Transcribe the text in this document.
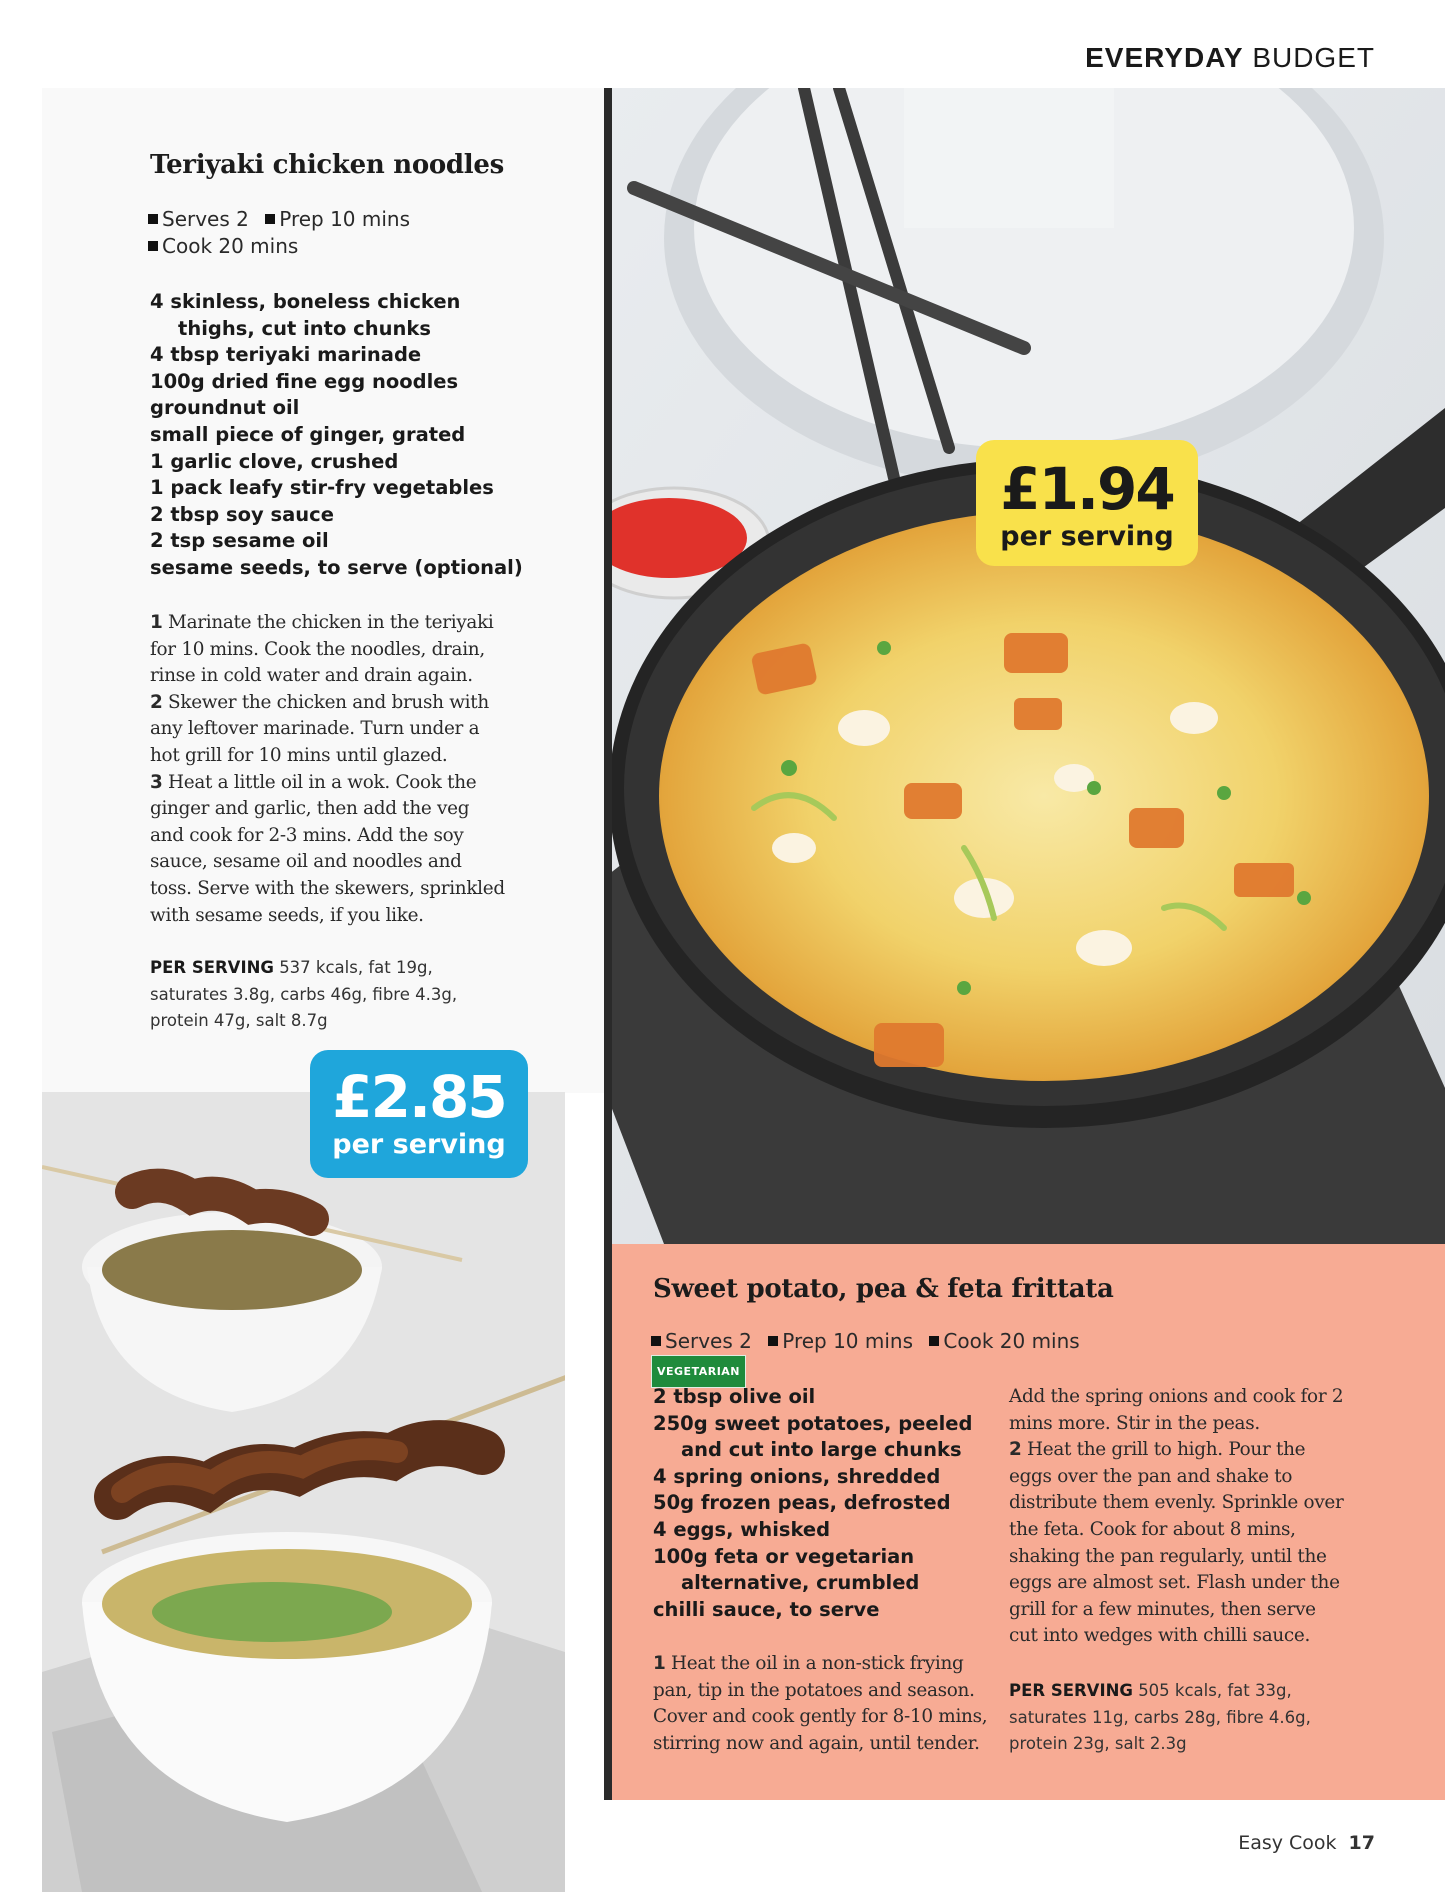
EVERYDAY BUDGET
Teriyaki chicken noodles
Serves 2 Prep 10 mins
Cook 20 mins
4 skinless, boneless chicken thighs, cut into chunks
4 tbsp teriyaki marinade
100g dried fine egg noodles
groundnut oil
small piece of ginger, grated
1 garlic clove, crushed
1 pack leafy stir-fry vegetables
2 tbsp soy sauce
2 tsp sesame oil
sesame seeds, to serve (optional)

1 Marinate the chicken in the teriyaki for 10 mins. Cook the noodles, drain, rinse in cold water and drain again.

2 Skewer the chicken and brush with any leftover marinade. Turn under a hot grill for 10 mins until glazed.

3 Heat a little oil in a wok. Cook the ginger and garlic, then add the veg and cook for 2-3 mins. Add the soy sauce, sesame oil and noodles and toss. Serve with the skewers, sprinkled with sesame seeds, if you like.

PER SERVING 537 kcals, fat 19g, saturates 3.8g, carbs 46g, fibre 4.3g, protein 47g, salt 8.7g
£2.85
per serving
£1.94
per serving
Sweet potato, pea & feta frittata
Serves 2 Prep 10 mins Cook 20 mins VEGETARIAN
2 tbsp olive oil
250g sweet potatoes, peeled and cut into large chunks
4 spring onions, shredded
50g frozen peas, defrosted
4 eggs, whisked
100g feta or vegetarian alternative, crumbled
chilli sauce, to serve

1 Heat the oil in a non-stick frying pan, tip in the potatoes and season. Cover and cook gently for 8-10 mins, stirring now and again, until tender.

Add the spring onions and cook for 2 mins more. Stir in the peas.

2 Heat the grill to high. Pour the eggs over the pan and shake to distribute them evenly. Sprinkle over the feta. Cook for about 8 mins, shaking the pan regularly, until the eggs are almost set. Flash under the grill for a few minutes, then serve cut into wedges with chilli sauce.

PER SERVING 505 kcals, fat 33g, saturates 11g, carbs 28g, fibre 4.6g, protein 23g, salt 2.3g
Easy Cook 17
